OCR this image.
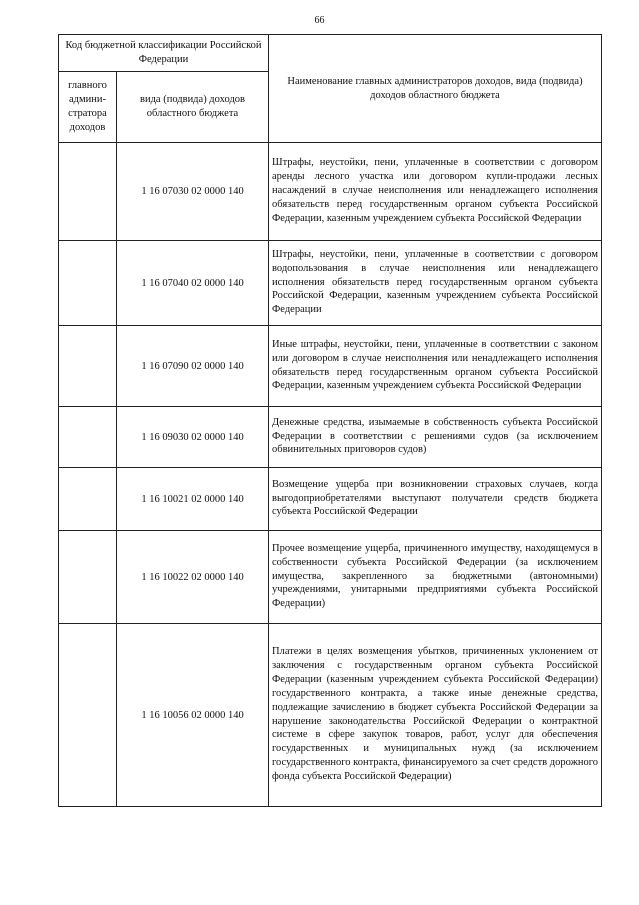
66
Код бюджетной классификации Российской Федерации		Наименование главных администраторов доходов, вида (подвида) доходов областного бюджета
главного админи-стратора доходов	вида (подвида) доходов областного бюджета	
	1 16 07030 02 0000 140	Штрафы, неустойки, пени, уплаченные в соответствии с договором аренды лесного участка или договором купли-продажи лесных насаждений в случае неисполнения или ненадлежащего исполнения обязательств перед государственным органом субъекта Российской Федерации, казенным учреждением субъекта Российской Федерации
	1 16 07040 02 0000 140	Штрафы, неустойки, пени, уплаченные в соответствии с договором водопользования в случае неисполнения или ненадлежащего исполнения обязательств перед государственным органом субъекта Российской Федерации, казенным учреждением субъекта Российской Федерации
	1 16 07090 02 0000 140	Иные штрафы, неустойки, пени, уплаченные в соответствии с законом или договором в случае неисполнения или ненадлежащего исполнения обязательств перед государственным органом субъекта Российской Федерации, казенным учреждением субъекта Российской Федерации
	1 16 09030 02 0000 140	Денежные средства, изымаемые в собственность субъекта Российской Федерации в соответствии с решениями судов (за исключением обвинительных приговоров судов)
	1 16 10021 02 0000 140	Возмещение ущерба при возникновении страховых случаев, когда выгодоприобретателями выступают получатели средств бюджета субъекта Российской Федерации
	1 16 10022 02 0000 140	Прочее возмещение ущерба, причиненного имуществу, находящемуся в собственности субъекта Российской Федерации (за исключением имущества, закрепленного за бюджетными (автономными) учреждениями, унитарными предприятиями субъекта Российской Федерации)
	1 16 10056 02 0000 140	Платежи в целях возмещения убытков, причиненных уклонением от заключения с государственным органом субъекта Российской Федерации (казенным учреждением субъекта Российской Федерации) государственного контракта, а также иные денежные средства, подлежащие зачислению в бюджет субъекта Российской Федерации за нарушение законодательства Российской Федерации о контрактной системе в сфере закупок товаров, работ, услуг для обеспечения государственных и муниципальных нужд (за исключением государственного контракта, финансируемого за счет средств дорожного фонда субъекта Российской Федерации)
